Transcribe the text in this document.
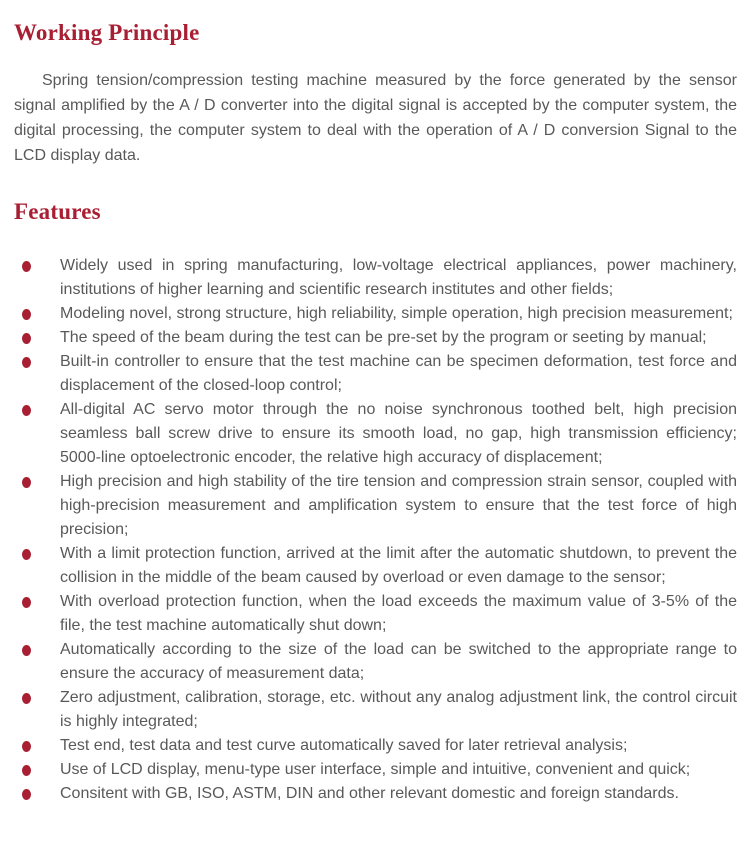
Working Principle

Spring tension/compression testing machine measured by the force generated by the sensor signal amplified by the A / D converter into the digital signal is accepted by the computer system, the digital processing, the computer system to deal with the operation of A / D conversion Signal to the LCD display data.

Features
Widely used in spring manufacturing, low-voltage electrical appliances, power machinery, institutions of higher learning and scientific research institutes and other fields;
Modeling novel, strong structure, high reliability, simple operation, high precision measurement;
The speed of the beam during the test can be pre-set by the program or seeting by manual;
Built-in controller to ensure that the test machine can be specimen deformation, test force and displacement of the closed-loop control;
All-digital AC servo motor through the no noise synchronous toothed belt, high precision seamless ball screw drive to ensure its smooth load, no gap, high transmission efficiency; 5000-line optoelectronic encoder, the relative high accuracy of displacement;
High precision and high stability of the tire tension and compression strain sensor, coupled with high-precision measurement and amplification system to ensure that the test force of high precision;
With a limit protection function, arrived at the limit after the automatic shutdown, to prevent the collision in the middle of the beam caused by overload or even damage to the sensor;
With overload protection function, when the load exceeds the maximum value of 3-5% of the file, the test machine automatically shut down;
Automatically according to the size of the load can be switched to the appropriate range to ensure the accuracy of measurement data;
Zero adjustment, calibration, storage, etc. without any analog adjustment link, the control circuit is highly integrated;
Test end, test data and test curve automatically saved for later retrieval analysis;
Use of LCD display, menu-type user interface, simple and intuitive, convenient and quick;
Consitent with GB, ISO, ASTM, DIN and other relevant domestic and foreign standards.
